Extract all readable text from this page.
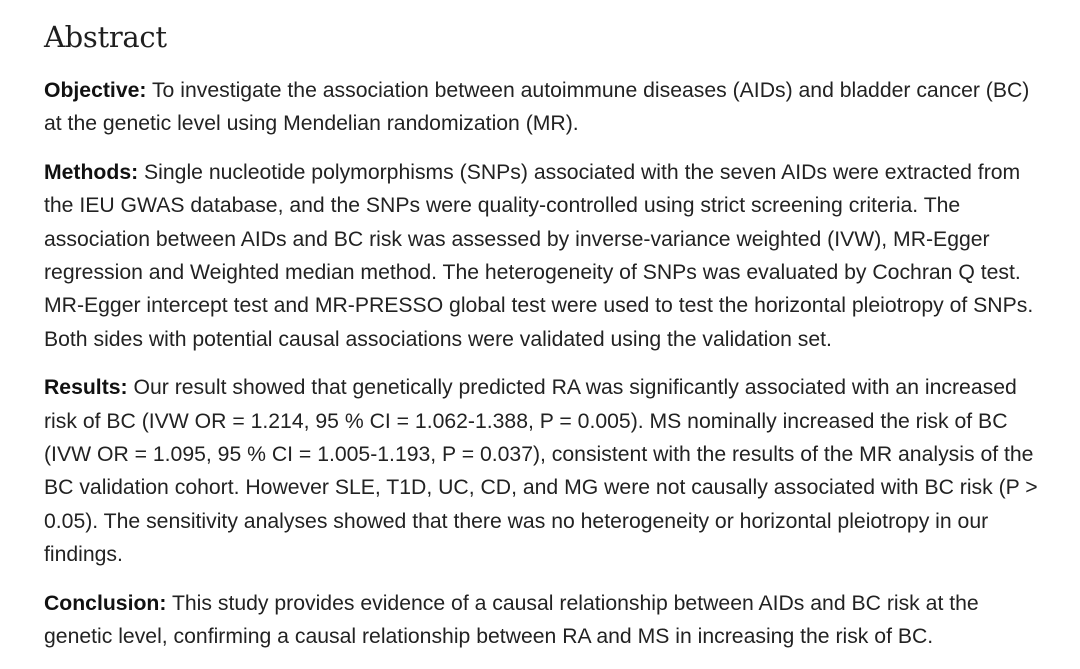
Abstract

Objective: To investigate the association between autoimmune diseases (AIDs) and bladder cancer (BC) at the genetic level using Mendelian randomization (MR).

Methods: Single nucleotide polymorphisms (SNPs) associated with the seven AIDs were extracted from the IEU GWAS database, and the SNPs were quality-controlled using strict screening criteria. The association between AIDs and BC risk was assessed by inverse-variance weighted (IVW), MR-Egger regression and Weighted median method. The heterogeneity of SNPs was evaluated by Cochran Q test. MR-Egger intercept test and MR-PRESSO global test were used to test the horizontal pleiotropy of SNPs. Both sides with potential causal associations were validated using the validation set.

Results: Our result showed that genetically predicted RA was significantly associated with an increased risk of BC (IVW OR = 1.214, 95 % CI = 1.062-1.388, P = 0.005). MS nominally increased the risk of BC (IVW OR = 1.095, 95 % CI = 1.005-1.193, P = 0.037), consistent with the results of the MR analysis of the BC validation cohort. However SLE, T1D, UC, CD, and MG were not causally associated with BC risk (P > 0.05). The sensitivity analyses showed that there was no heterogeneity or horizontal pleiotropy in our findings.

Conclusion: This study provides evidence of a causal relationship between AIDs and BC risk at the genetic level, confirming a causal relationship between RA and MS in increasing the risk of BC.
